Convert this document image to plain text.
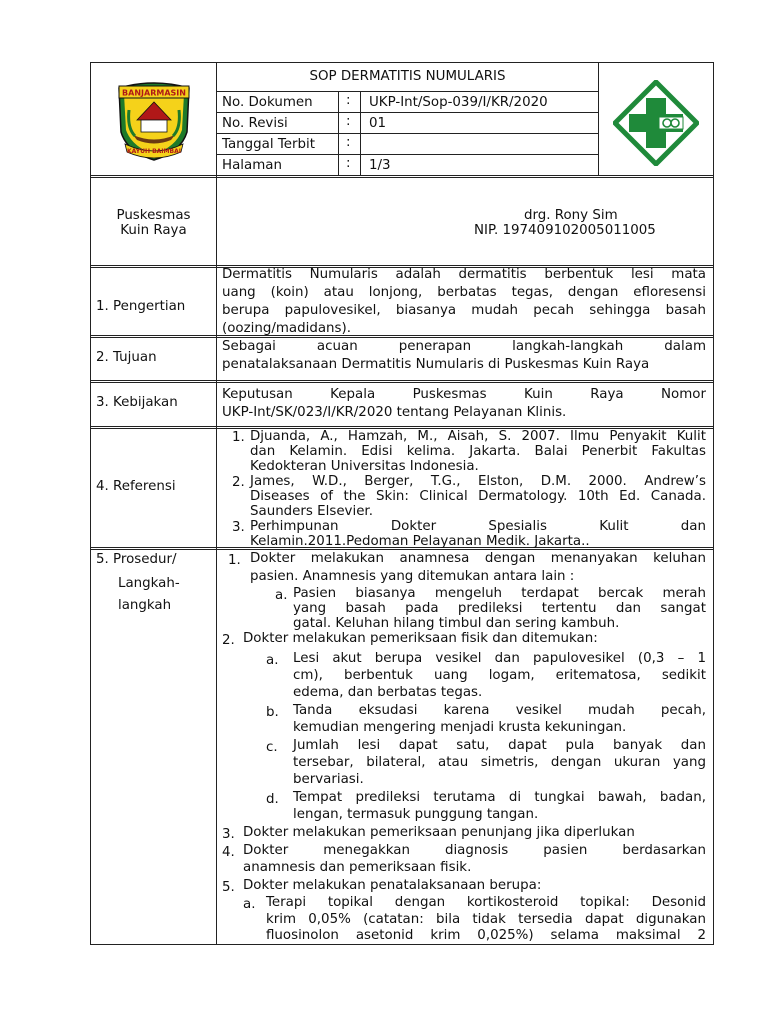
BANJARMASIN
KAYUH BAIMBAI
SOP DERMATITIS NUMULARIS
No. Dokumen : UKP-Int/Sop-039/I/KR/2020
No. Revisi	: 01
Tanggal Terbit :
Halaman	: 1/3
Puskesmas
Kuin Raya
drg. Rony Sim
NIP. 197409102005011005
1. Pengertian
Dermatitis Numularis adalah dermatitis berbentuk lesi mata
uang (koin) atau lonjong, berbatas tegas, dengan efloresensi
berupa papulovesikel, biasanya mudah pecah sehingga basah
(oozing/madidans).
2. Tujuan
Sebagai acuan penerapan langkah-langkah dalam
penatalaksanaan Dermatitis Numularis di Puskesmas Kuin Raya
3. Kebijakan
Keputusan Kepala Puskesmas Kuin Raya Nomor
UKP-Int/SK/023/I/KR/2020 tentang Pelayanan Klinis.
4. Referensi
1. Djuanda, A., Hamzah, M., Aisah, S. 2007. Ilmu Penyakit Kulit
dan Kelamin. Edisi kelima. Jakarta. Balai Penerbit Fakultas
Kedokteran Universitas Indonesia.
2. James, W.D., Berger, T.G., Elston, D.M. 2000. Andrew’s
Diseases of the Skin: Clinical Dermatology. 10th Ed. Canada.
Saunders Elsevier.
3. Perhimpunan Dokter Spesialis Kulit dan
Kelamin.2011.Pedoman Pelayanan Medik. Jakarta..
5. Prosedur/
Langkah-
langkah
1. Dokter melakukan anamnesa dengan menanyakan keluhan
pasien. Anamnesis yang ditemukan antara lain :
a. Pasien biasanya mengeluh terdapat bercak merah
yang basah pada predileksi tertentu dan sangat
gatal. Keluhan hilang timbul dan sering kambuh.
2. Dokter melakukan pemeriksaan fisik dan ditemukan:
a. Lesi akut berupa vesikel dan papulovesikel (0,3 – 1
cm), berbentuk uang logam, eritematosa, sedikit
edema, dan berbatas tegas.
b. Tanda eksudasi karena vesikel mudah pecah,
kemudian mengering menjadi krusta kekuningan.
c. Jumlah lesi dapat satu, dapat pula banyak dan
tersebar, bilateral, atau simetris, dengan ukuran yang
bervariasi.
d. Tempat predileksi terutama di tungkai bawah, badan,
lengan, termasuk punggung tangan.
3. Dokter melakukan pemeriksaan penunjang jika diperlukan
4. Dokter menegakkan diagnosis pasien berdasarkan
anamnesis dan pemeriksaan fisik.
5. Dokter melakukan penatalaksanaan berupa:
a. Terapi topikal dengan kortikosteroid topikal: Desonid
krim 0,05% (catatan: bila tidak tersedia dapat digunakan
fluosinolon asetonid krim 0,025%) selama maksimal 2
